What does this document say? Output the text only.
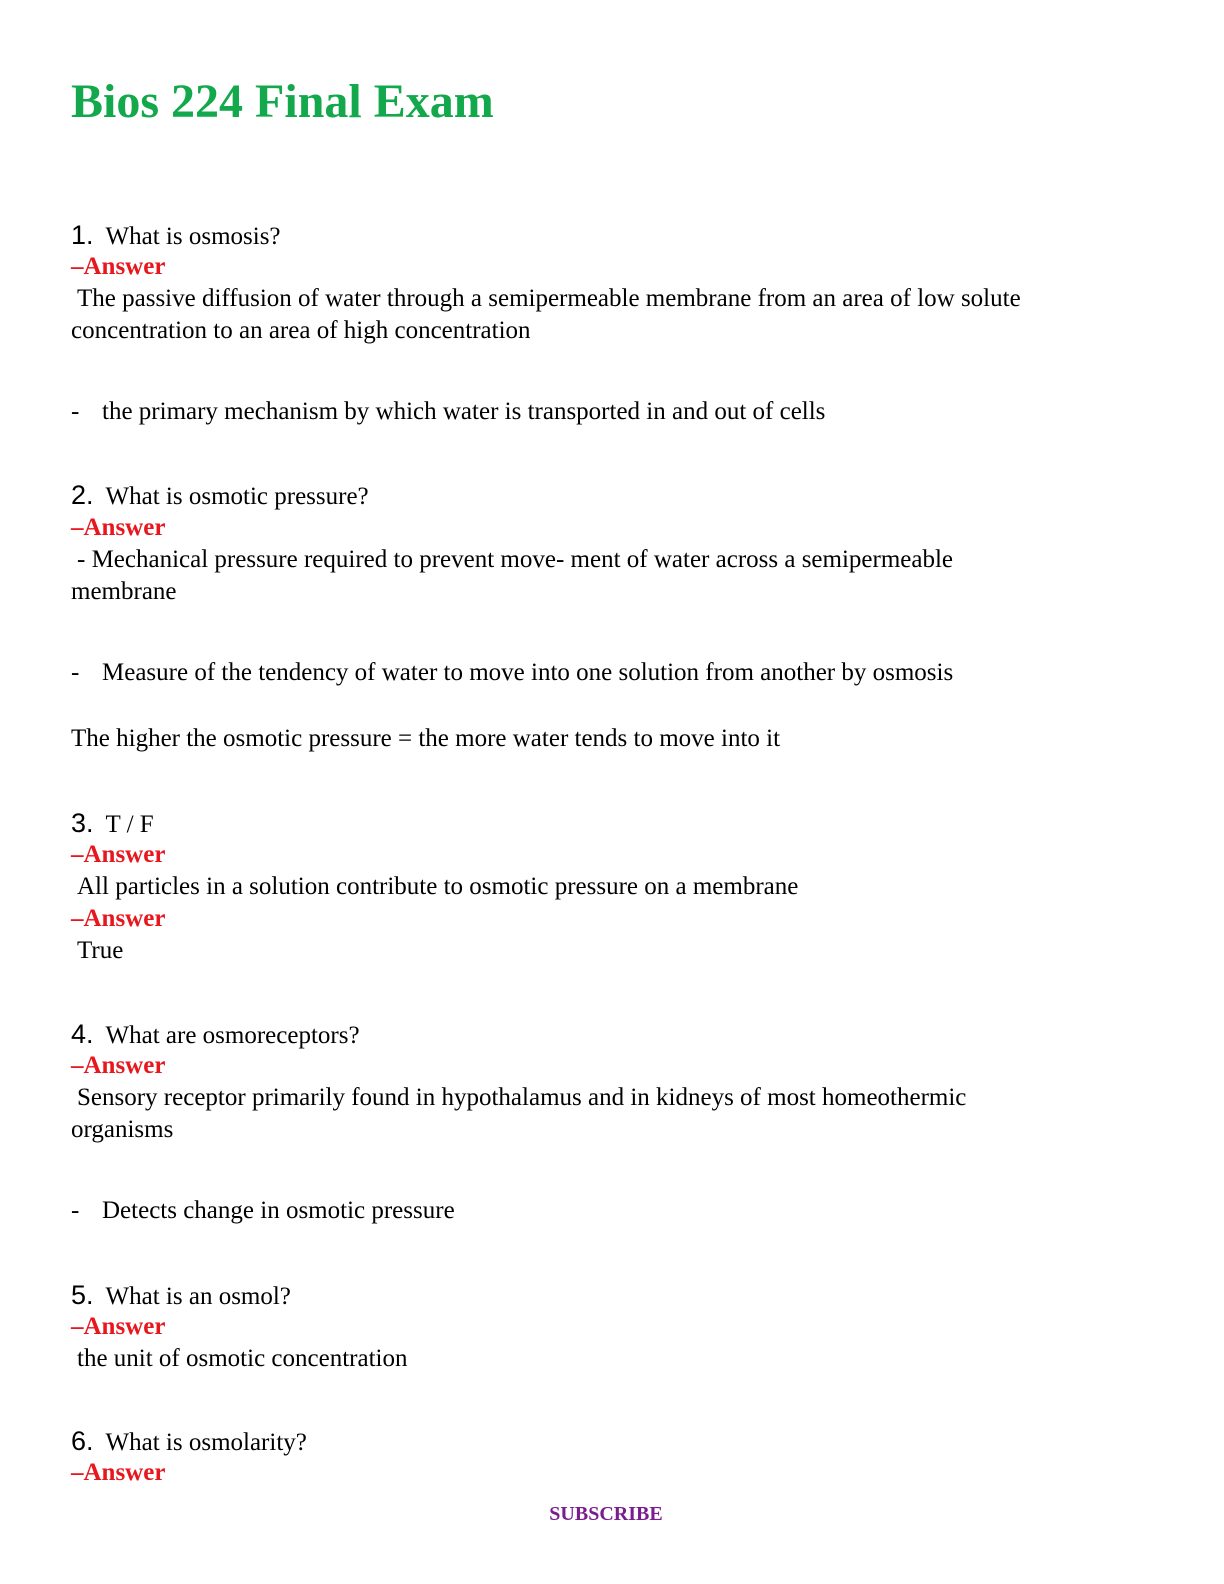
Bios 224 Final Exam
1. What is osmosis?
–Answer
The passive diffusion of water through a semipermeable membrane from an area of low solute
concentration to an area of high concentration
- the primary mechanism by which water is transported in and out of cells
2. What is osmotic pressure?
–Answer
- Mechanical pressure required to prevent move- ment of water across a semipermeable
membrane
- Measure of the tendency of water to move into one solution from another by osmosis
The higher the osmotic pressure = the more water tends to move into it
3. T / F
–Answer
All particles in a solution contribute to osmotic pressure on a membrane
–Answer
True
4. What are osmoreceptors?
–Answer
Sensory receptor primarily found in hypothalamus and in kidneys of most homeothermic
organisms
- Detects change in osmotic pressure
5. What is an osmol?
–Answer
the unit of osmotic concentration
6. What is osmolarity?
–Answer
SUBSCRIBE
